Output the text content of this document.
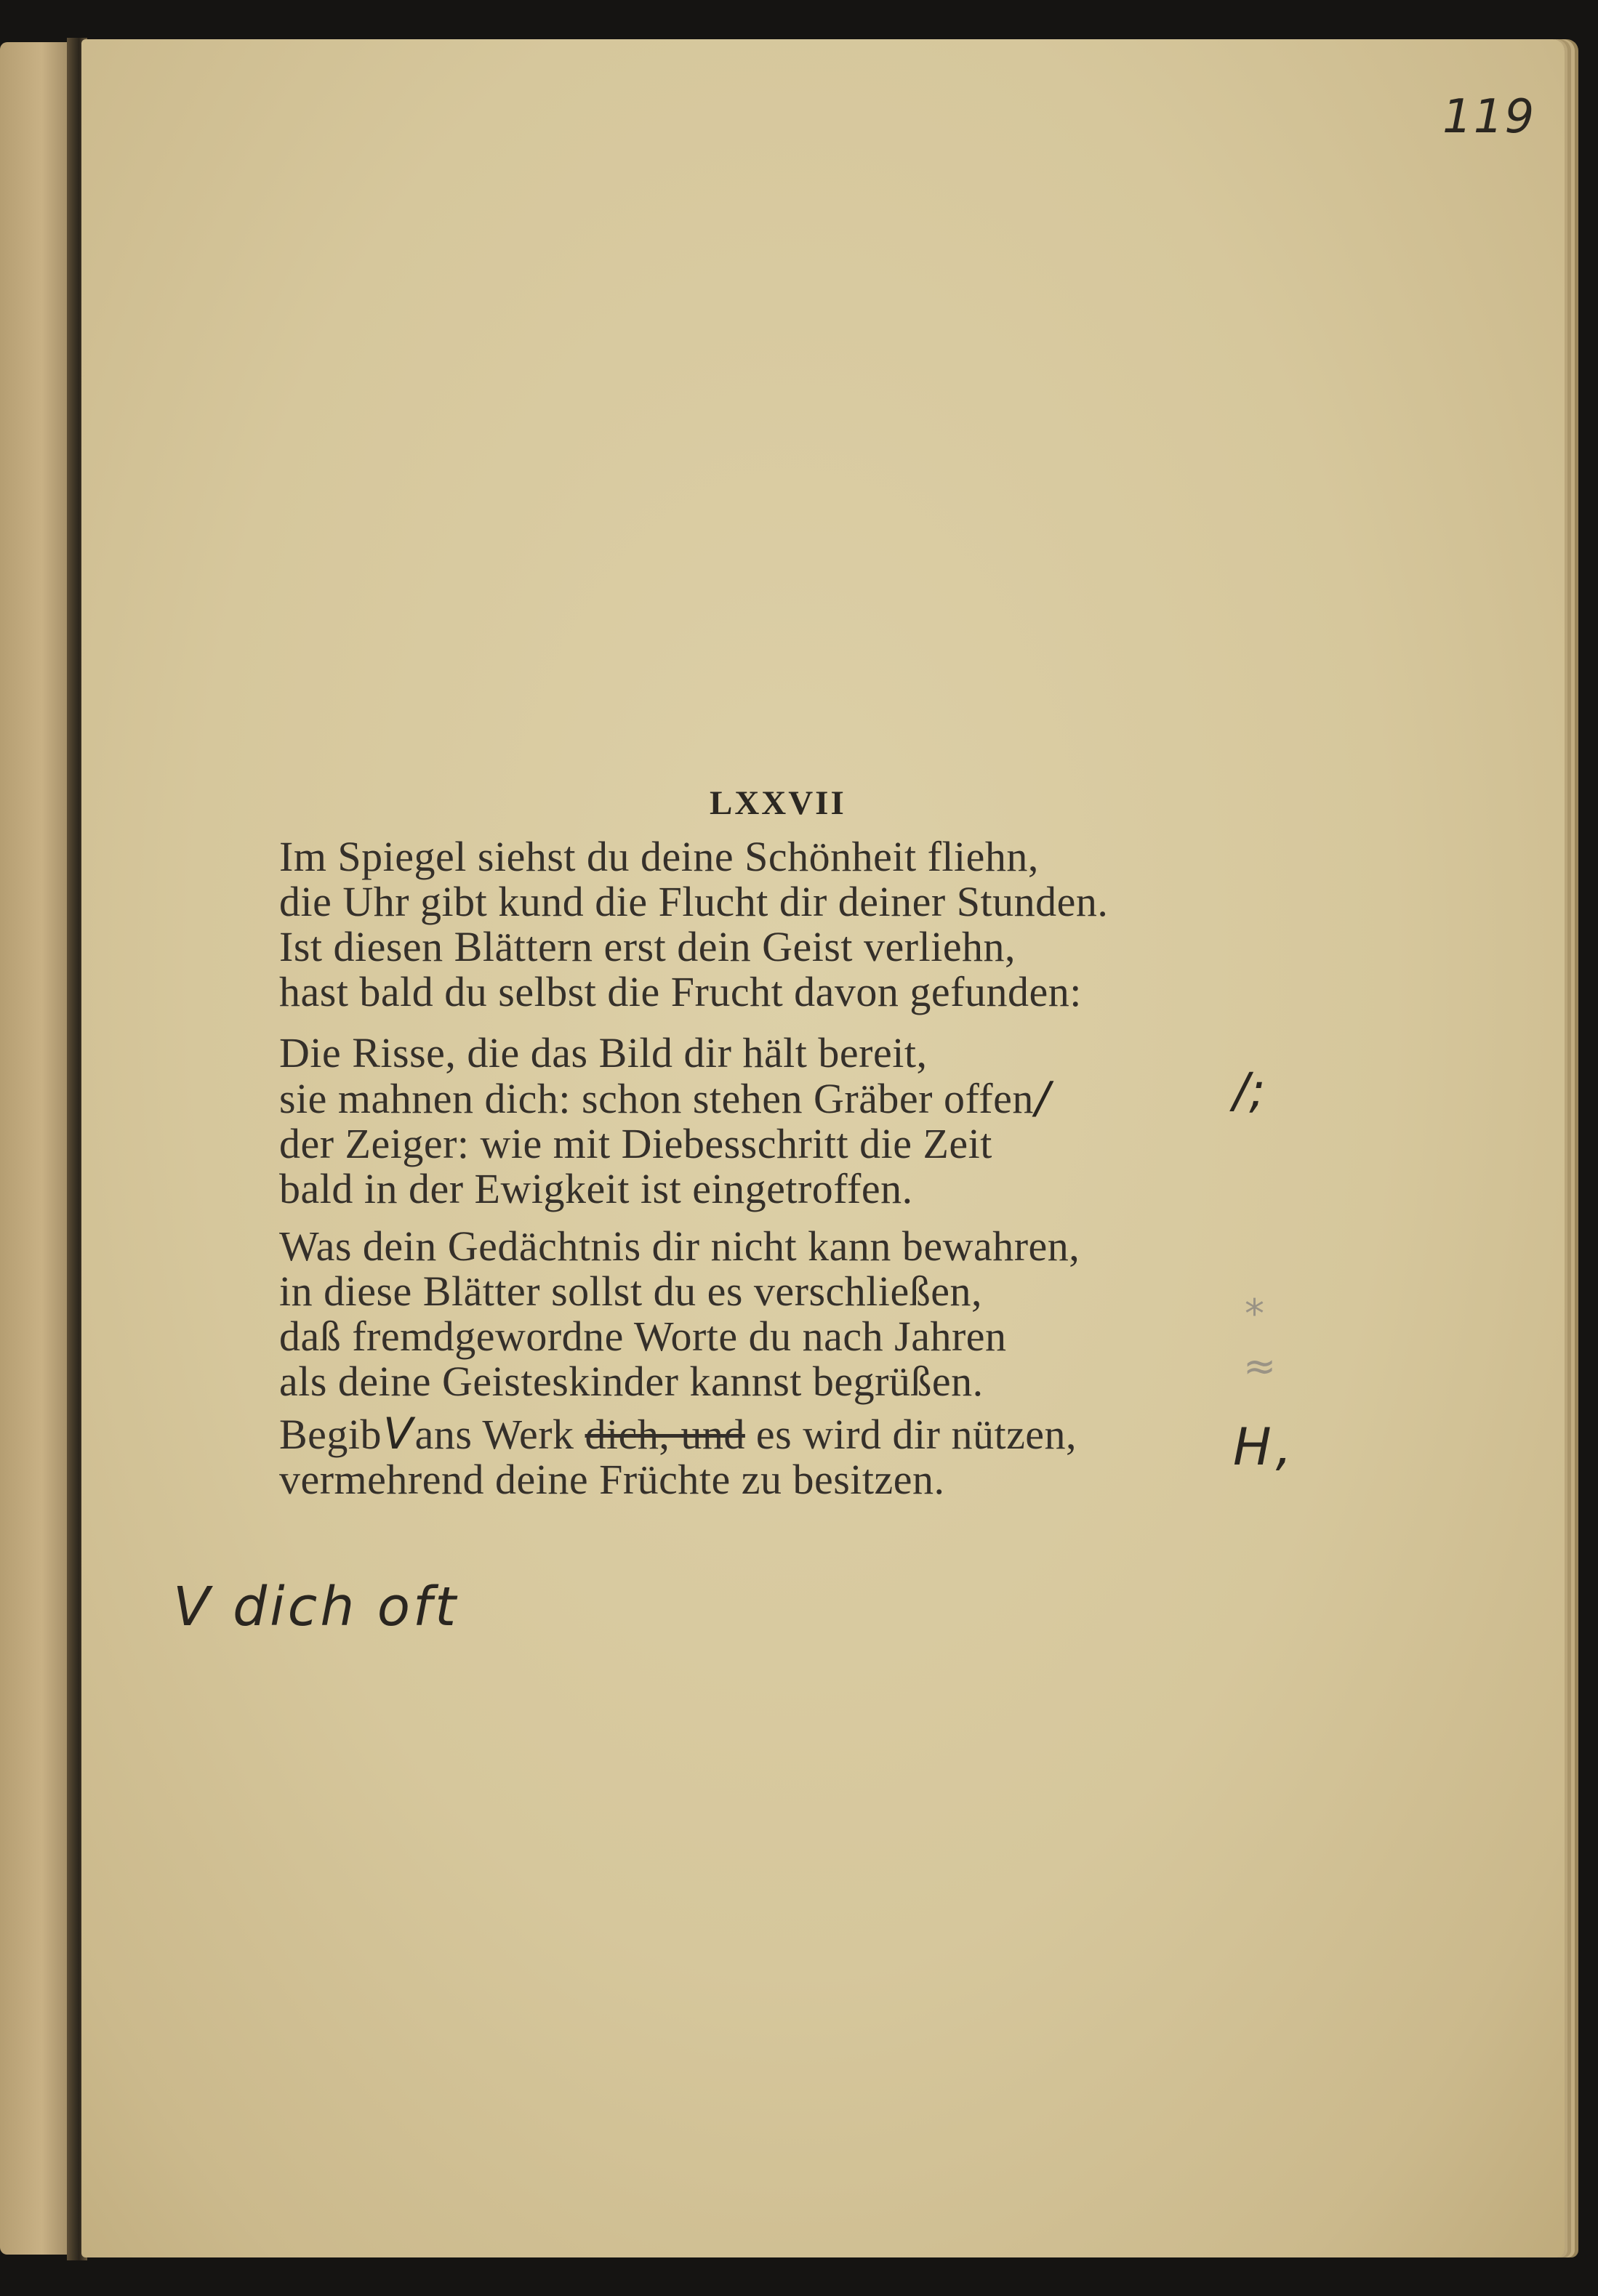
119
LXXVII
Im Spiegel siehst du deine Schönheit fliehn,
die Uhr gibt kund die Flucht dir deiner Stunden.
Ist diesen Blättern erst dein Geist verliehn,
hast bald du selbst die Frucht davon gefunden:
Die Risse, die das Bild dir hält bereit,
sie mahnen dich: schon stehen Gräber offen/
der Zeiger: wie mit Diebesschritt die Zeit
bald in der Ewigkeit ist eingetroffen.
Was dein Gedächtnis dir nicht kann bewahren,
in diese Blätter sollst du es verschließen,
daß fremdgewordne Worte du nach Jahren
als deine Geisteskinder kannst begrüßen.
BegibVans Werk dich, und es wird dir nützen,
vermehrend deine Früchte zu besitzen.
/;
*
≈
H,
V dich oft
